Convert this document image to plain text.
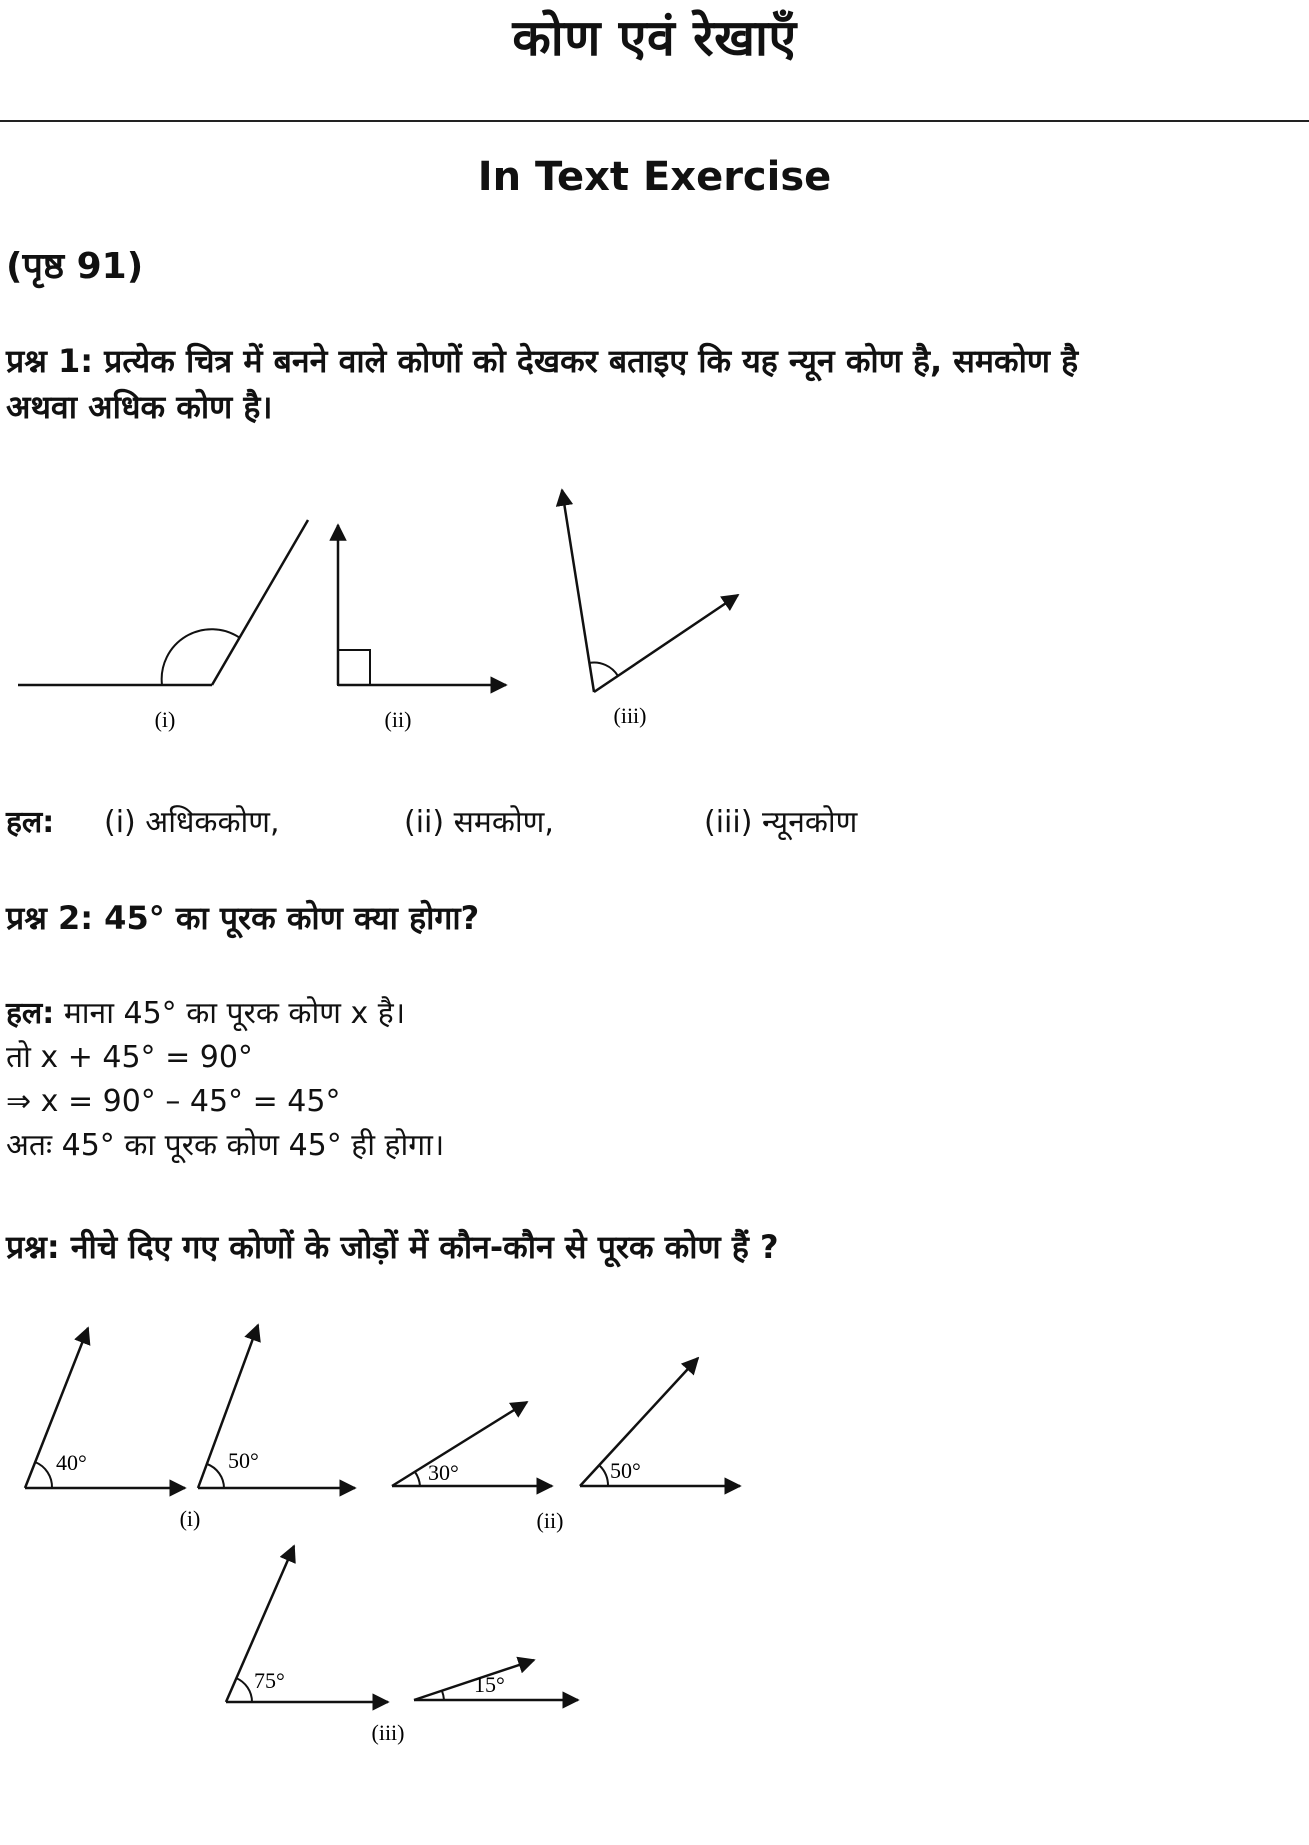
कोण एवं रेखाएँ
In Text Exercise
(पृष्ठ 91)
प्रश्न 1: प्रत्येक चित्र में बनने वाले कोणों को देखकर बताइए कि यह न्यून कोण है, समकोण है
अथवा अधिक कोण है।
(i)	(ii)	(iii)
हल: (i) अधिककोण,	(ii) समकोण,	(iii) न्यूनकोण
प्रश्न 2: 45° का पूरक कोण क्या होगा?
हल: माना 45° का पूरक कोण x है।
तो x + 45° = 90°
⇒ x = 90° – 45° = 45°
अतः 45° का पूरक कोण 45° ही होगा।
प्रश्न: नीचे दिए गए कोणों के जोड़ों में कौन-कौन से पूरक कोण हैं ?
40°	50°
(i)
30°	50°
(ii)
75°	15°
(iii)
